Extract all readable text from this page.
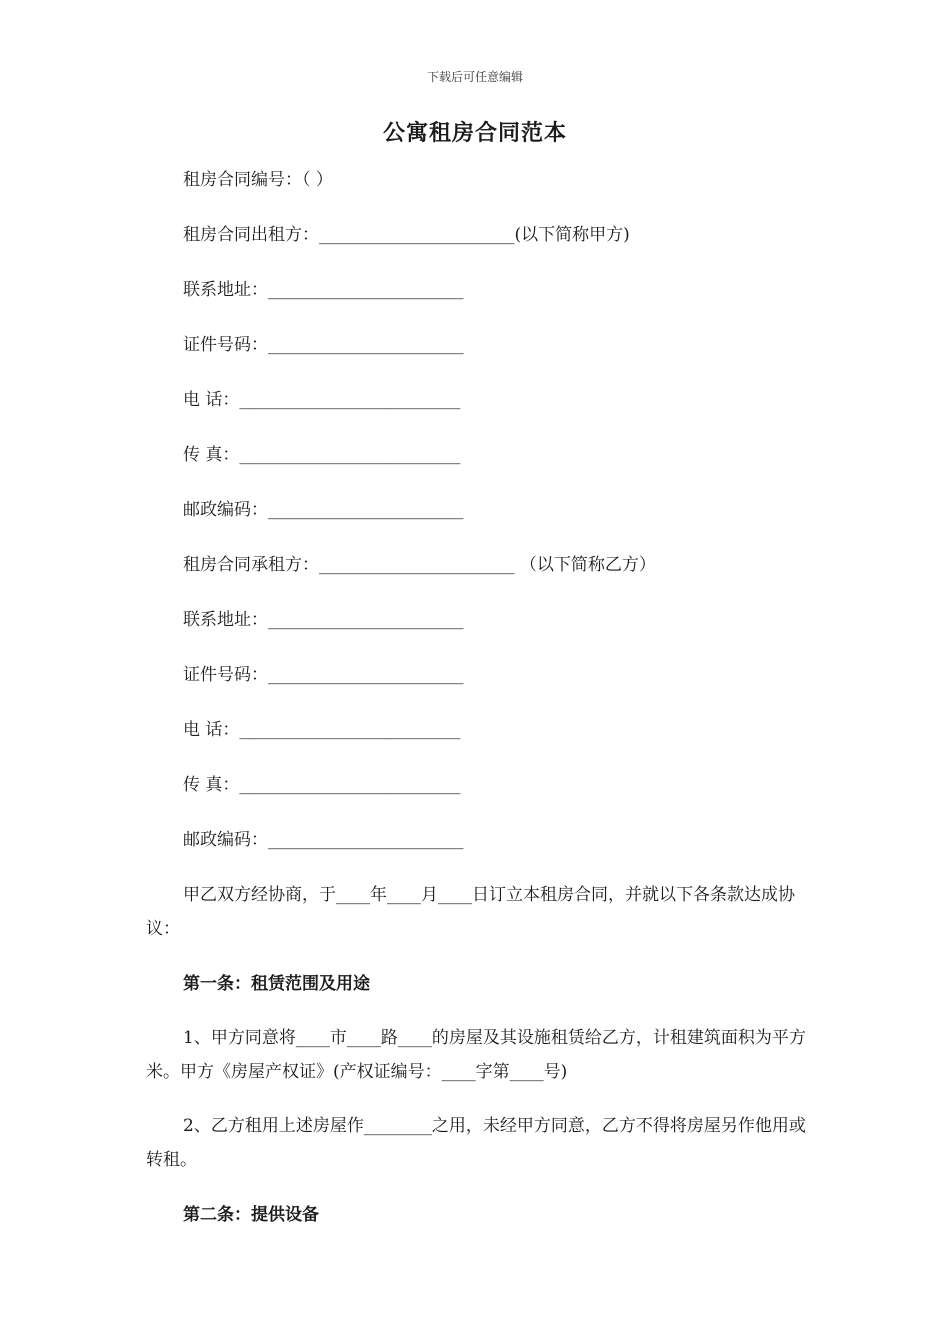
下载后可任意编辑
公寓租房合同范本
租房合同编号：（ ）
租房合同出租方：_______________________(以下简称甲方)
联系地址：_______________________
证件号码：_______________________
电 话：__________________________
传 真：__________________________
邮政编码：_______________________
租房合同承租方：_______________________ （以下简称乙方）
联系地址：_______________________
证件号码：_______________________
电 话：__________________________
传 真：__________________________
邮政编码：_______________________
甲乙双方经协商，于____年____月____日订立本租房合同，并就以下各条款达成协议：
第一条：租赁范围及用途
1、甲方同意将____市____路____的房屋及其设施租赁给乙方，计租建筑面积为平方米。甲方《房屋产权证》(产权证编号：____字第____号)
2、乙方租用上述房屋作________之用，未经甲方同意，乙方不得将房屋另作他用或转租。
第二条：提供设备
